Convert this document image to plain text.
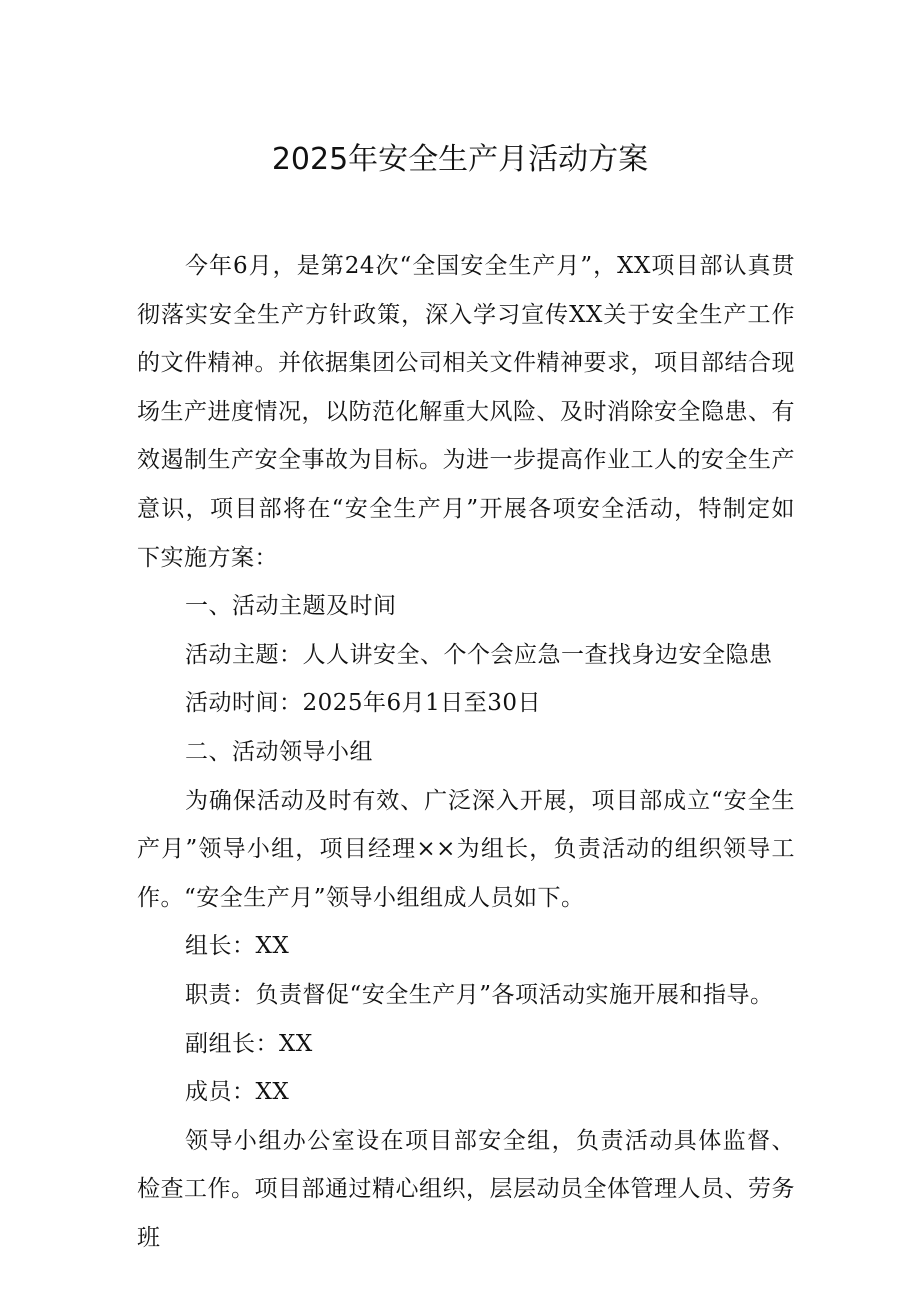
2025年安全生产月活动方案

今年6月，是第24次“全国安全生产月”，XX项目部认真贯彻落实安全生产方针政策，深入学习宣传XX关于安全生产工作的文件精神。并依据集团公司相关文件精神要求，项目部结合现场生产进度情况，以防范化解重大风险、及时消除安全隐患、有效遏制生产安全事故为目标。为进一步提高作业工人的安全生产意识，项目部将在“安全生产月”开展各项安全活动，特制定如下实施方案：

一、活动主题及时间

活动主题：人人讲安全、个个会应急一查找身边安全隐患

活动时间：2025年6月1日至30日

二、活动领导小组

为确保活动及时有效、广泛深入开展，项目部成立“安全生产月”领导小组，项目经理××为组长，负责活动的组织领导工作。“安全生产月”领导小组组成人员如下。

组长：XX

职责：负责督促“安全生产月”各项活动实施开展和指导。

副组长：XX

成员：XX

领导小组办公室设在项目部安全组，负责活动具体监督、检查工作。项目部通过精心组织，层层动员全体管理人员、劳务班
